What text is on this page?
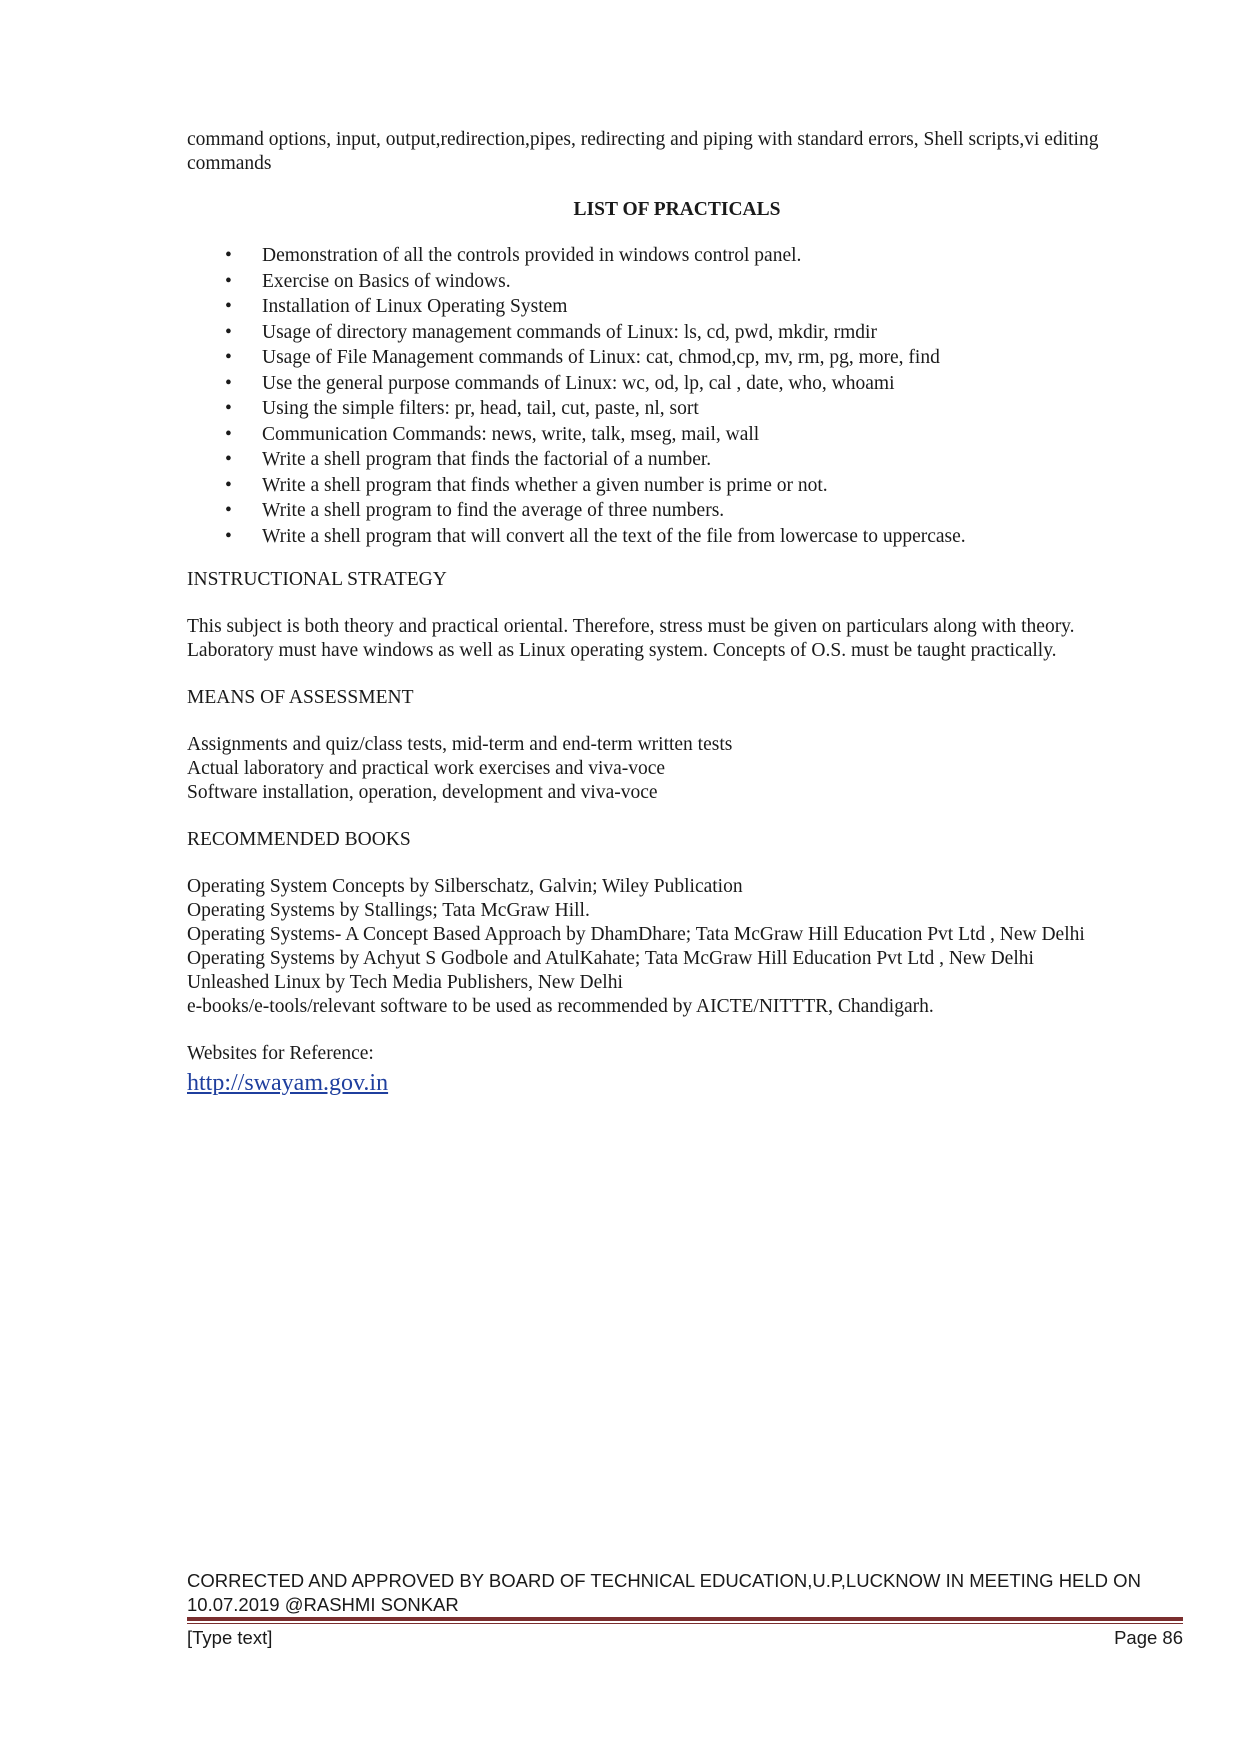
command options, input, output,redirection,pipes, redirecting and piping with standard errors, Shell scripts,vi editing commands

LIST OF PRACTICALS
• Demonstration of all the controls provided in windows control panel.
• Exercise on Basics of windows.
• Installation of Linux Operating System
• Usage of directory management commands of Linux: ls, cd, pwd, mkdir, rmdir
• Usage of File Management commands of Linux: cat, chmod,cp, mv, rm, pg, more, find
• Use the general purpose commands of Linux: wc, od, lp, cal , date, who, whoami
• Using the simple filters: pr, head, tail, cut, paste, nl, sort
• Communication Commands: news, write, talk, mseg, mail, wall
• Write a shell program that finds the factorial of a number.
• Write a shell program that finds whether a given number is prime or not.
• Write a shell program to find the average of three numbers.
• Write a shell program that will convert all the text of the file from lowercase to uppercase.
INSTRUCTIONAL STRATEGY
This subject is both theory and practical oriental. Therefore, stress must be given on particulars along with theory.
Laboratory must have windows as well as Linux operating system. Concepts of O.S. must be taught practically.
MEANS OF ASSESSMENT
Assignments and quiz/class tests, mid-term and end-term written tests
Actual laboratory and practical work exercises and viva-voce
Software installation, operation, development and viva-voce
RECOMMENDED BOOKS
Operating System Concepts by Silberschatz, Galvin; Wiley Publication
Operating Systems by Stallings; Tata McGraw Hill.
Operating Systems- A Concept Based Approach by DhamDhare; Tata McGraw Hill Education Pvt Ltd , New Delhi
Operating Systems by Achyut S Godbole and AtulKahate; Tata McGraw Hill Education Pvt Ltd , New Delhi
Unleashed Linux by Tech Media Publishers, New Delhi
e-books/e-tools/relevant software to be used as recommended by AICTE/NITTTR, Chandigarh.
Websites for Reference:
http://swayam.gov.in
CORRECTED AND APPROVED BY BOARD OF TECHNICAL EDUCATION,U.P,LUCKNOW IN MEETING HELD ON
10.07.2019 @RASHMI SONKAR
[Type text]	Page 86
